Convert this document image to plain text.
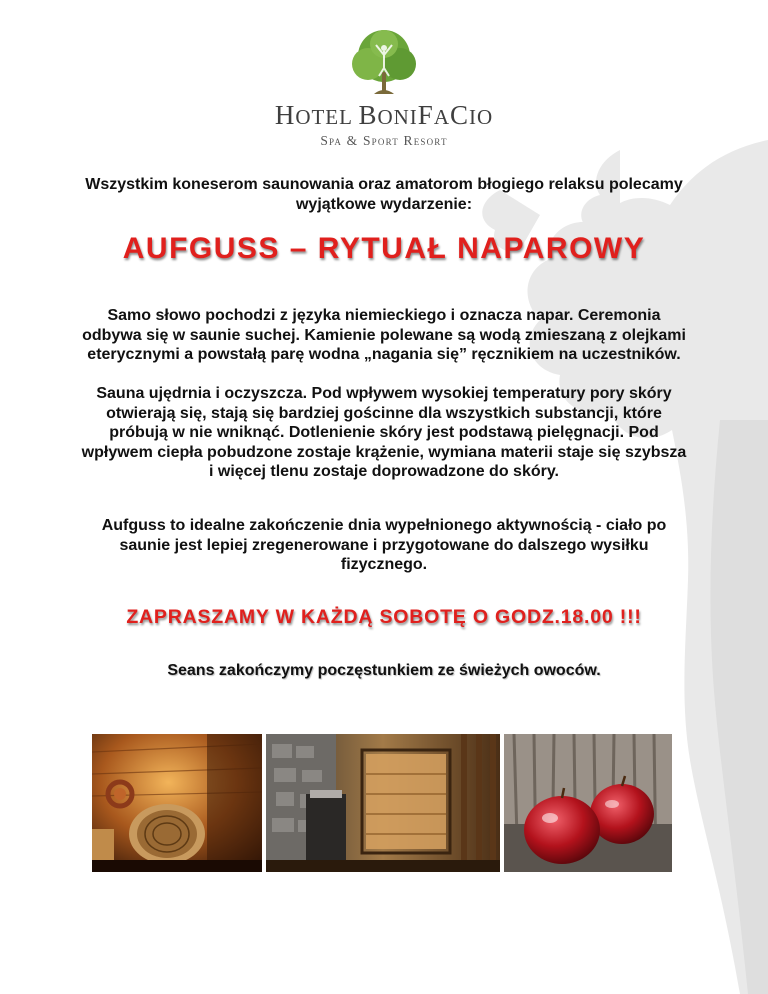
HOTEL BONIFACIO
Spa & Sport Resort
Wszystkim koneserom saunowania oraz amatorom błogiego relaksu polecamy wyjątkowe wydarzenie:
AUFGUSS – RYTUAŁ NAPAROWY
Samo słowo pochodzi z języka niemieckiego i oznacza napar. Ceremonia odbywa się w saunie suchej. Kamienie polewane są wodą zmieszaną z olejkami eterycznymi a powstałą parę wodna „nagania się” ręcznikiem na uczestników.
Sauna ujędrnia i oczyszcza. Pod wpływem wysokiej temperatury pory skóry otwierają się, stają się bardziej gościnne dla wszystkich substancji, które próbują w nie wniknąć. Dotlenienie skóry jest podstawą pielęgnacji. Pod wpływem ciepła pobudzone zostaje krążenie, wymiana materii staje się szybsza i więcej tlenu zostaje doprowadzone do skóry.
Aufguss to idealne zakończenie dnia wypełnionego aktywnością - ciało po saunie jest lepiej zregenerowane i przygotowane do dalszego wysiłku fizycznego.
ZAPRASZAMY W KAŻDĄ SOBOTĘ O GODZ.18.00 !!!
Seans zakończymy poczęstunkiem ze świeżych owoców.
